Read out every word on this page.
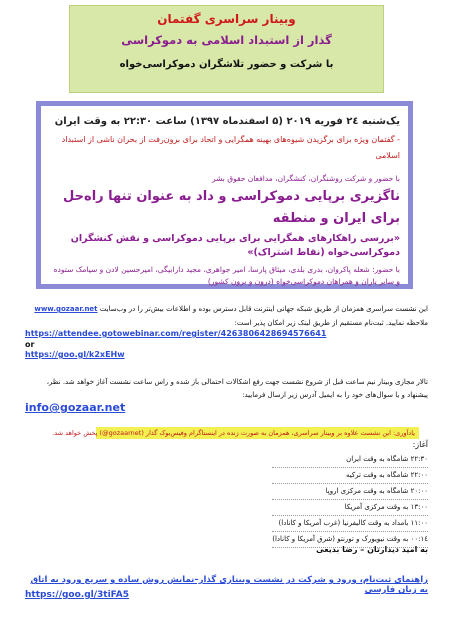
وبینار سراسری گفتمان
گذار از استبداد اسلامی به دموکراسی
با شرکت و حضور تلاشگران دموکراسی‌خواه
یک‌شنبه ۲٤ فوریه ۲۰۱۹ (۵ اسفندماه ۱۳۹۷) ساعت ۲۲:۳۰ به وقت ایران
- گفتمان ویژه برای برگزیدن شیوه‌های بهینه همگرایی و اتحاد برای برون‌رفت از بحران ناشی از استبداد اسلامی
با حضور و شرکت روشنگران، کنشگران، مدافعان حقوق بشر
ناگزیری برپایی دموکراسی و داد به عنوان تنها راه‌حل برای ایران و منطقه
«بررسی راهکارهای همگرایی برای برپایی دموکراسی و نقش کنشگران دموکراسی‌خواه (نقاط اشتراک)»
با حضور: شعله پاکروان، بدری بلدی، میثاق پارسا، امیر جواهری، مجید دارابیگی، امیرحسین لادن و سیامک ستوده و سایر یاران و همراهان دموکراسی‌خواه (درون و برون کشور)
این نشست سراسری همزمان از طریق شبکه جهانی اینترنت قابل دسترس بوده و اطلاعات بیش‌تر را در وب‌سایت www.gozaar.net ملاحظه نمایید. ثبت‌نام مستقیم از طریق لینک زیر امکان پذیر است:
https://attendee.gotowebinar.com/register/4263806428694576641
or
https://goo.gl/k2xEHw
تالار مجازی وبینار نیم ساعت قبل از شروع نشست جهت رفع اشکالات احتمالی باز شده و راس ساعت نشست آغاز خواهد شد. نظر، پیشنهاد و یا سوال‌های خود را به ایمیل آدرس زیر ارسال فرمایید:
info@gozaar.net
یادآوری: این نشست علاوه بر وبینار سراسری، همزمان به صورت زنده در اینستاگرام وفیس‌بوک گذار (gozaarnet@) پخش خواهد شد.
آغاز:
۲۲:۳۰ شامگاه به وقت ایران
۲۲:۰۰ شامگاه به وقت ترکیه
۲۰:۰۰ شامگاه به وقت مرکزی اروپا
۱۳:۰۰ به وقت مرکزی آمریکا
۱۱:۰۰ بامداد به وقت کالیفرنیا (غرب آمریکا و کانادا)
۱٤:۰۰ به وقت نیویورک و تورنتو (شرق آمریکا و کانادا)
به امید دیدارتان – رضا بدیعی
راهنمای ثبت‌نام، ورود و شرکت در نشست وبیناری گذار–نمایش روش ساده و سریع ورود به اتاق به زبان فارسی
https://goo.gl/3tiFA5
